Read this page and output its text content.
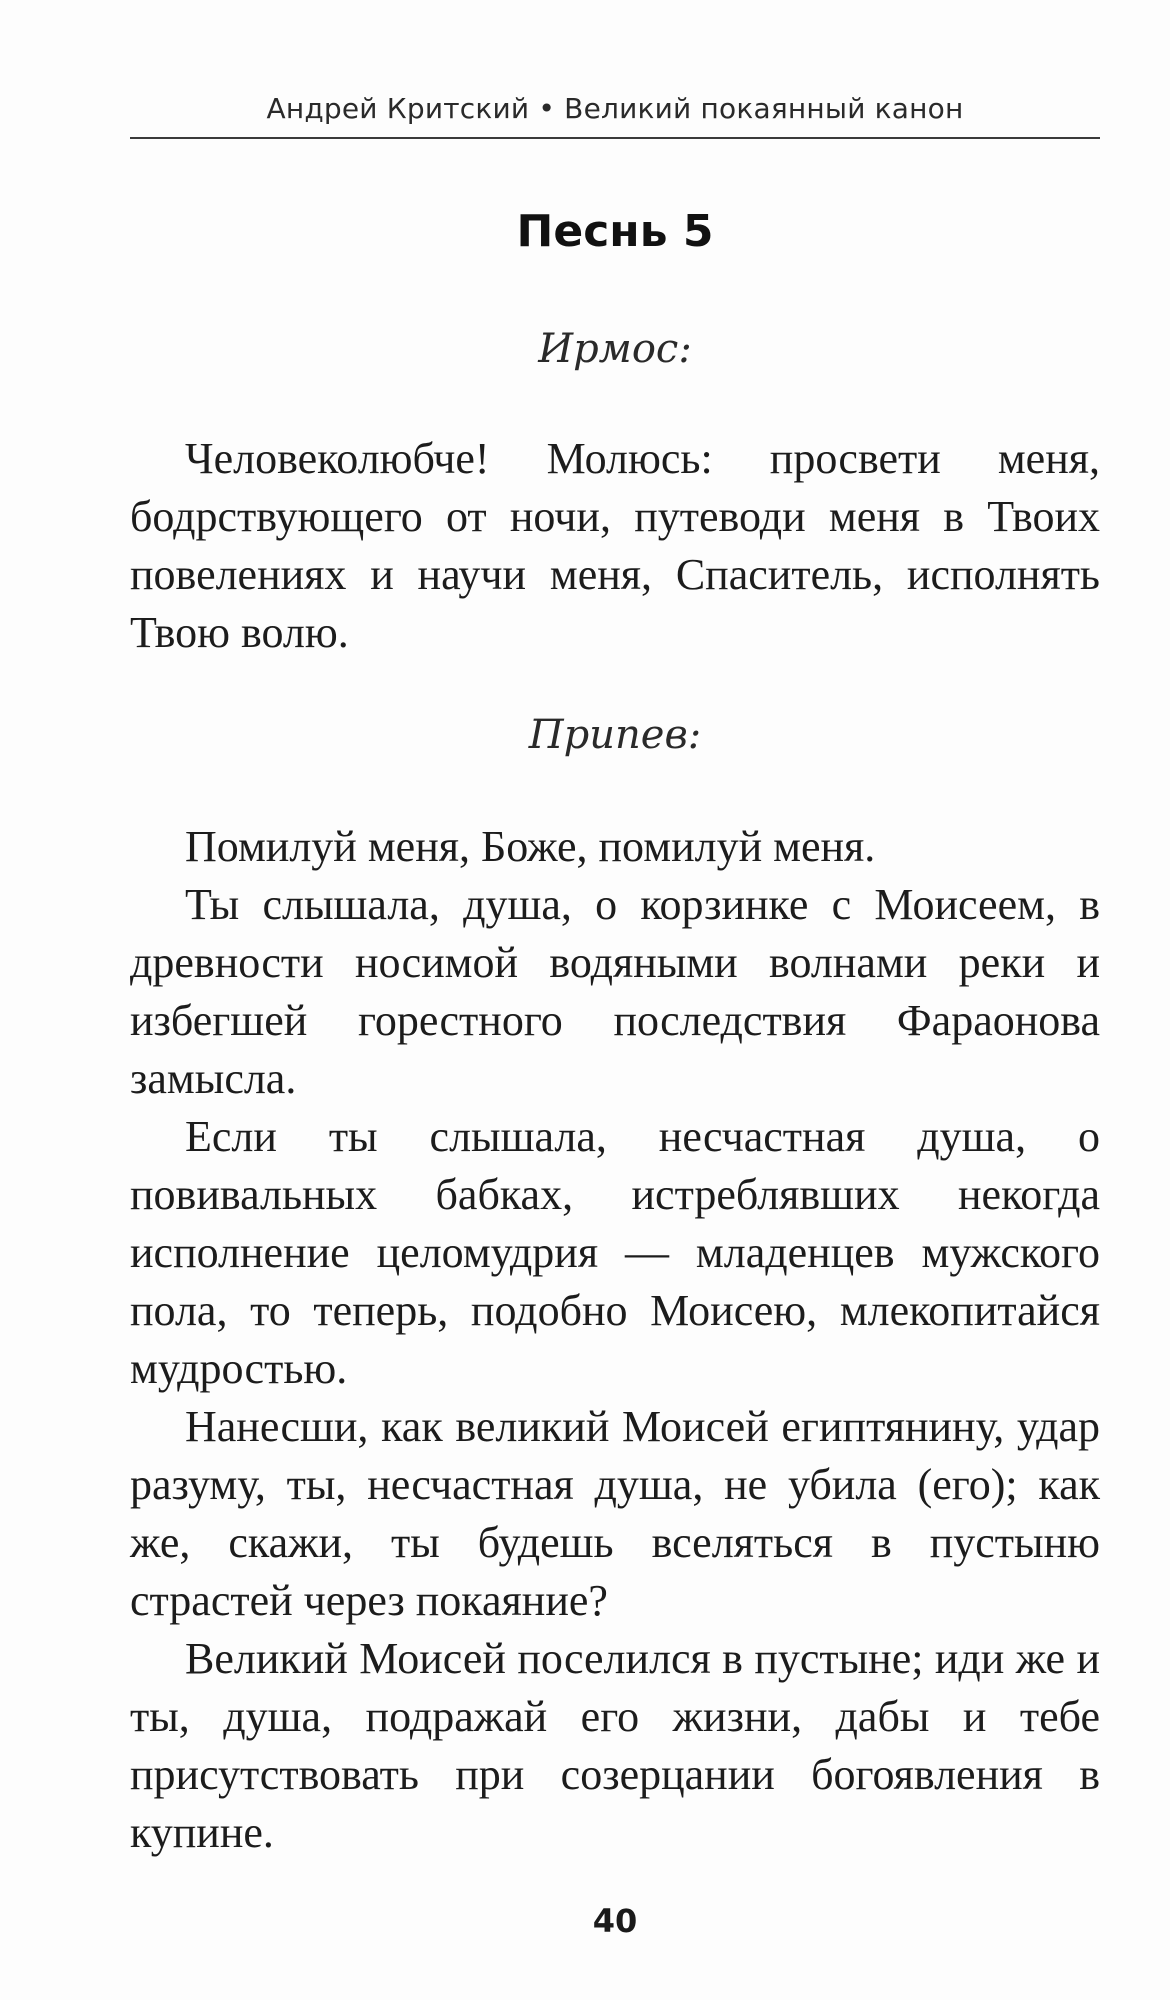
Андрей Критский • Великий покаянный канон
Песнь 5
Ирмос:

Человеколюбче! Молюсь: просвети меня, бодрствующего от ночи, путеводи меня в Твоих повелениях и научи меня, Спаситель, исполнять Твою волю.

Припев:

Помилуй меня, Боже, помилуй меня.

Ты слышала, душа, о корзинке с Моисеем, в древности носимой водяными волнами реки и избегшей горестного последствия Фараонова замысла.

Если ты слышала, несчастная душа, о повивальных бабках, истреблявших некогда исполнение целомудрия — младенцев мужского пола, то теперь, подобно Моисею, млекопитайся мудростью.

Нанесши, как великий Моисей египтянину, удар разуму, ты, несчастная душа, не убила (его); как же, скажи, ты будешь вселяться в пустыню страстей через покаяние?

Великий Моисей поселился в пустыне; иди же и ты, душа, подражай его жизни, дабы и тебе присутствовать при созерцании богоявления в купине.

40
